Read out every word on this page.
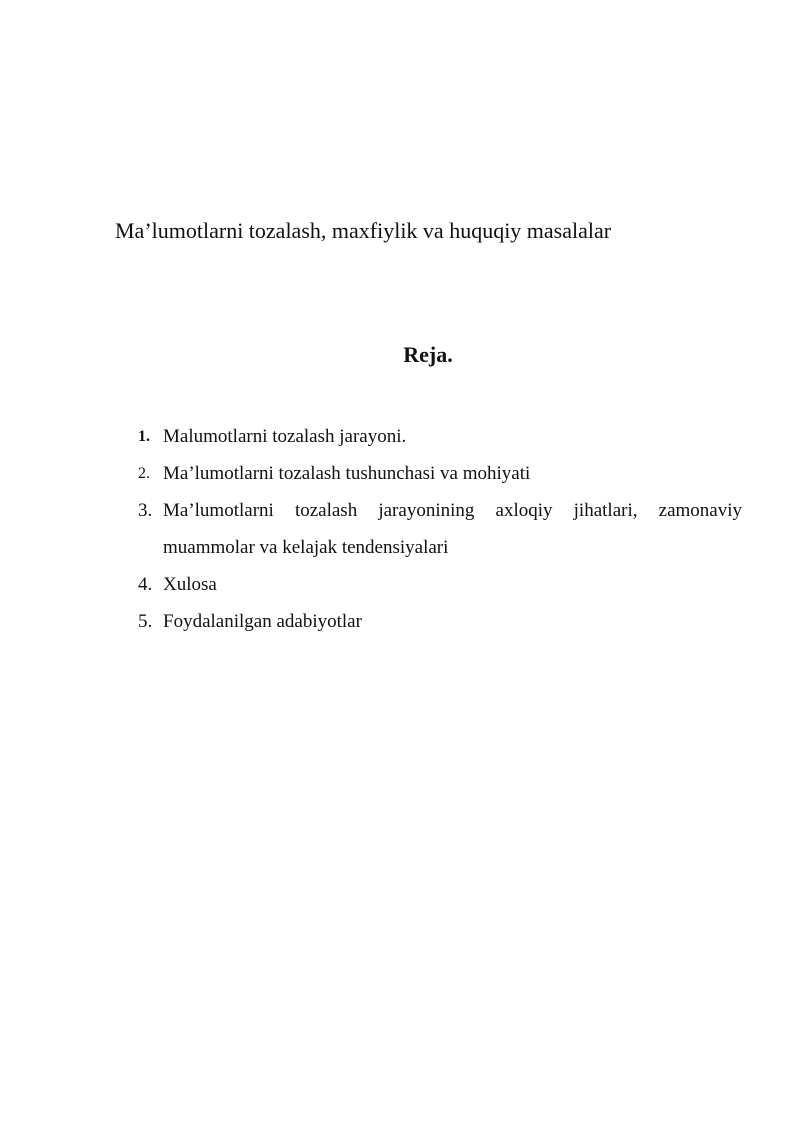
Ma’lumotlarni tozalash, maxfiylik va huquqiy masalalar
Reja.
1. Malumotlarni tozalash jarayoni.
2. Ma’lumotlarni tozalash tushunchasi va mohiyati
3. Ma’lumotlarni tozalash jarayonining axloqiy jihatlari, zamonaviy muammolar va kelajak tendensiyalari
4. Xulosa
5. Foydalanilgan adabiyotlar
